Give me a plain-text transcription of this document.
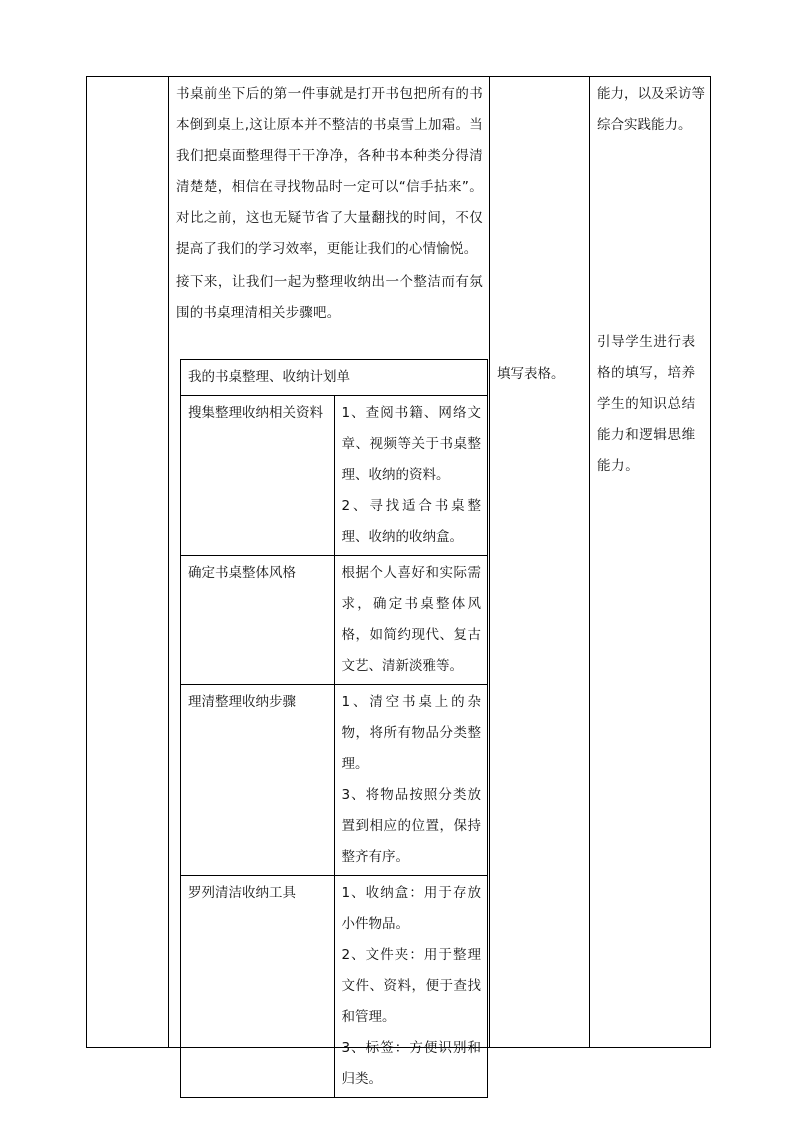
书桌前坐下后的第一件事就是打开书包把所有的书本倒到桌上,这让原本并不整洁的书桌雪上加霜。当我们把桌面整理得干干净净，各种书本种类分得清清楚楚，相信在寻找物品时一定可以“信手拈来”。对比之前，这也无疑节省了大量翻找的时间，不仅提高了我们的学习效率，更能让我们的心情愉悦。

接下来，让我们一起为整理收纳出一个整洁而有氛围的书桌理清相关步骤吧。

我的书桌整理、收纳计划单
搜集整理收纳相关资料	1、查阅书籍、网络文章、视频等关于书桌整理、收纳的资料。
2、寻找适合书桌整理、收纳的收纳盒。

确定书桌整体风格	根据个人喜好和实际需求，确定书桌整体风格，如简约现代、复古文艺、清新淡雅等。

理清整理收纳步骤	1、清空书桌上的杂物，将所有物品分类整理。
3、将物品按照分类放置到相应的位置，保持整齐有序。

罗列清洁收纳工具	1、收纳盒：用于存放小件物品。
2、文件夹：用于整理文件、资料，便于查找和管理。
3、标签：方便识别和归类。

填写表格。

能力，以及采访等综合实践能力。
引导学生进行表格的填写，培养学生的知识总结能力和逻辑思维能力。
